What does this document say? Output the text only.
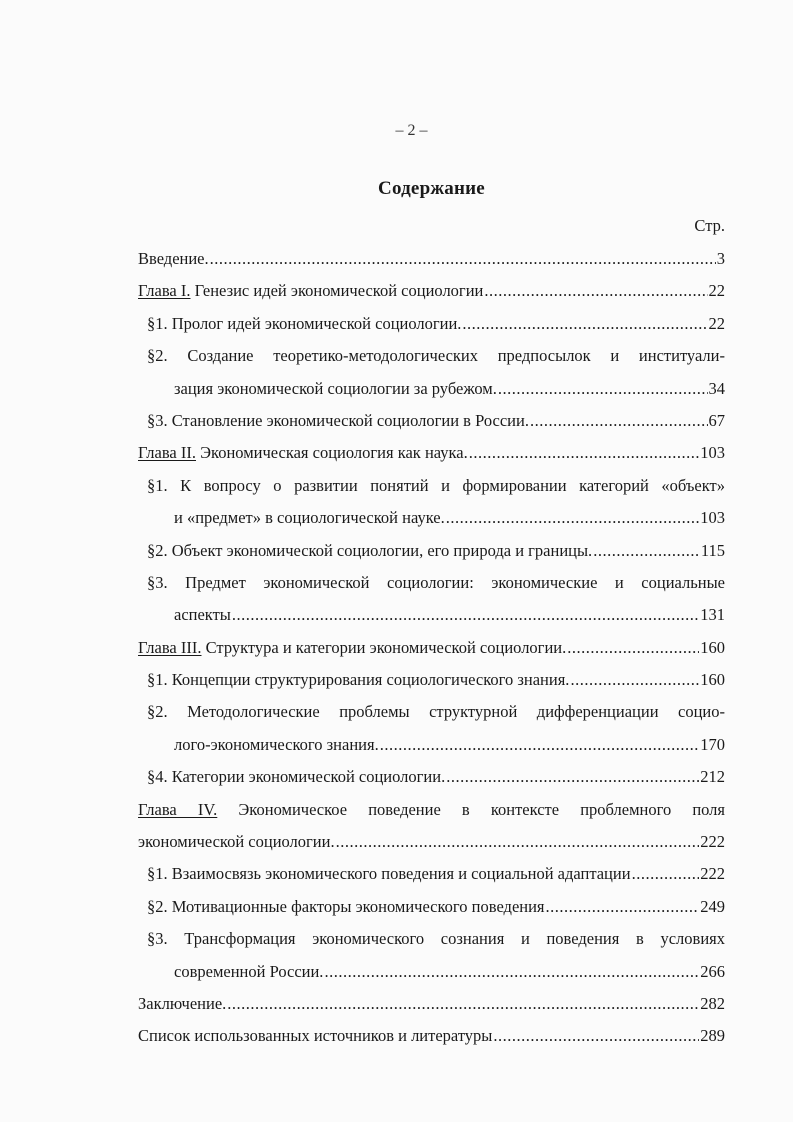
– 2 –
Содержание
Стр.
Введение. .....	3
Глава I. Генезис идей экономической социологии .....	22
§1. Пролог идей экономической социологии. .....	22
§2. Создание теоретико-методологических предпосылок и институали-
зация экономической социологии за рубежом. .....	34
§3. Становление экономической социологии в России. .....	67
Глава II. Экономическая социология как наука. .....	103
§1. К вопросу о развитии понятий и формировании категорий «объект»
и «предмет» в социологической науке. .....	103
§2. Объект экономической социологии, его природа и границы. .....	115
§3. Предмет экономической социологии: экономические и социальные
аспекты .....	131
Глава III. Структура и категории экономической социологии. .....	160
§1. Концепции структурирования социологического знания. .....	160
§2. Методологические проблемы структурной дифференциации социо-
лого-экономического знания. .....	170
§4. Категории экономической социологии. .....	212
Глава IV. Экономическое поведение в контексте проблемного поля
экономической социологии. .....	222
§1. Взаимосвязь экономического поведения и социальной адаптации .....	222
§2. Мотивационные факторы экономического поведения .....	249
§3. Трансформация экономического сознания и поведения в условиях
современной России. .....	266
Заключение. .....	282
Список использованных источников и литературы .....	289
